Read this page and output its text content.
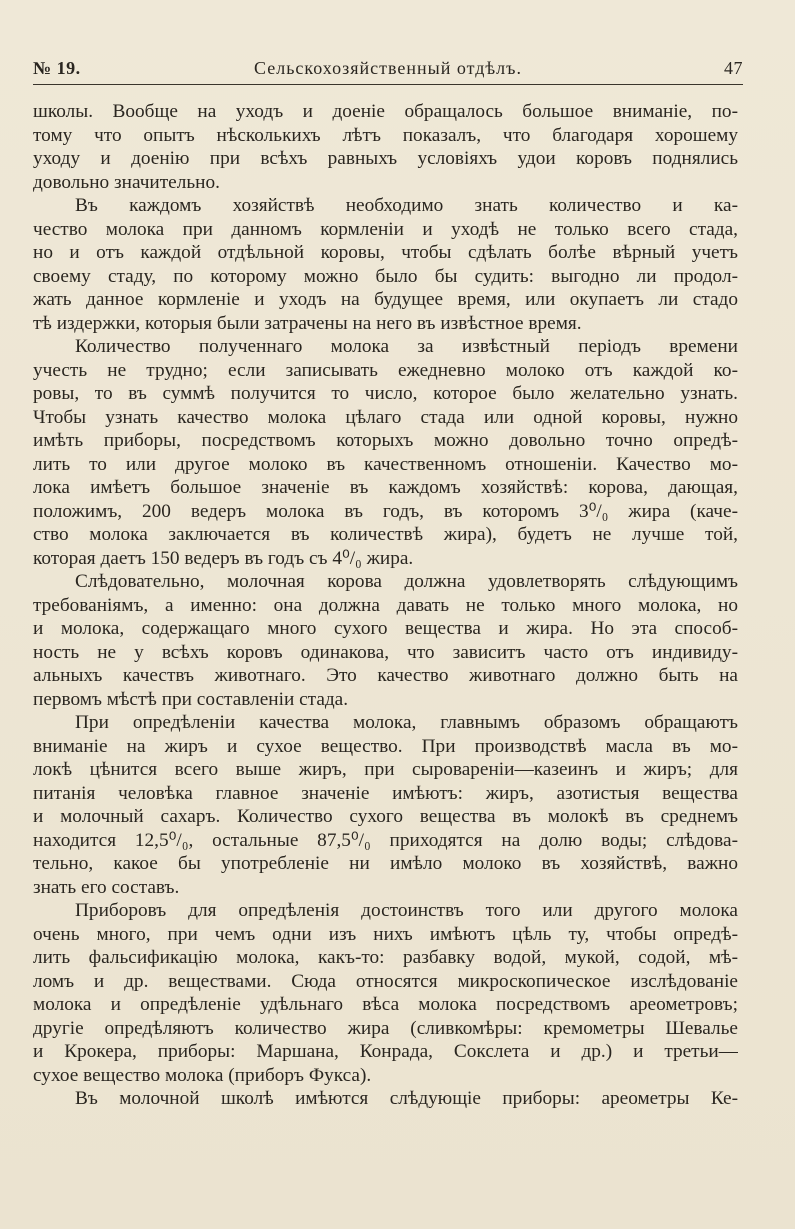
№ 19.	Сельскохозяйственный отдѣлъ.	47
школы. Вообще на уходъ и доеніе обращалось большое вниманіе, по-
тому что опытъ нѣсколькихъ лѣтъ показалъ, что благодаря хорошему
уходу и доенію при всѣхъ равныхъ условіяхъ удои коровъ поднялись
довольно значительно.
Въ каждомъ хозяйствѣ необходимо знать количество и ка-
чество молока при данномъ кормленіи и уходѣ не только всего стада,
но и отъ каждой отдѣльной коровы, чтобы сдѣлать болѣе вѣрный учетъ
своему стаду, по которому можно было бы судить: выгодно ли продол-
жать данное кормленіе и уходъ на будущее время, или окупаетъ ли стадо
тѣ издержки, которыя были затрачены на него въ извѣстное время.
Количество полученнаго молока за извѣстный періодъ времени
учесть не трудно; если записывать ежедневно молоко отъ каждой ко-
ровы, то въ суммѣ получится то число, которое было желательно узнать.
Чтобы узнать качество молока цѣлаго стада или одной коровы, нужно
имѣть приборы, посредствомъ которыхъ можно довольно точно опредѣ-
лить то или другое молоко въ качественномъ отношеніи. Качество мо-
лока имѣетъ большое значеніе въ каждомъ хозяйствѣ: корова, дающая,
положимъ, 200 ведеръ молока въ годъ, въ которомъ 3⁰/₀ жира (каче-
ство молока заключается въ количествѣ жира), будетъ не лучше той,
которая даетъ 150 ведеръ въ годъ съ 4⁰/₀ жира.
Слѣдовательно, молочная корова должна удовлетворять слѣдующимъ
требованіямъ, а именно: она должна давать не только много молока, но
и молока, содержащаго много сухого вещества и жира. Но эта способ-
ность не у всѣхъ коровъ одинакова, что зависитъ часто отъ индивиду-
альныхъ качествъ животнаго. Это качество животнаго должно быть на
первомъ мѣстѣ при составленіи стада.
При опредѣленіи качества молока, главнымъ образомъ обращаютъ
вниманіе на жиръ и сухое вещество. При производствѣ масла въ мо-
локѣ цѣнится всего выше жиръ, при сыровареніи—казеинъ и жиръ; для
питанія человѣка главное значеніе имѣютъ: жиръ, азотистыя вещества
и молочный сахаръ. Количество сухого вещества въ молокѣ въ среднемъ
находится 12,5⁰/₀, остальные 87,5⁰/₀ приходятся на долю воды; слѣдова-
тельно, какое бы употребленіе ни имѣло молоко въ хозяйствѣ, важно
знать его составъ.
Приборовъ для опредѣленія достоинствъ того или другого молока
очень много, при чемъ одни изъ нихъ имѣютъ цѣль ту, чтобы опредѣ-
лить фальсификацію молока, какъ-то: разбавку водой, мукой, содой, мѣ-
ломъ и др. веществами. Сюда относятся микроскопическое изслѣдованіе
молока и опредѣленіе удѣльнаго вѣса молока посредствомъ ареометровъ;
другіе опредѣляютъ количество жира (сливкомѣры: кремометры Шевалье
и Крокера, приборы: Маршана, Конрада, Сокслета и др.) и третьи—
сухое вещество молока (приборъ Фукса).
Въ молочной школѣ имѣются слѣдующіе приборы: ареометры Ке-
